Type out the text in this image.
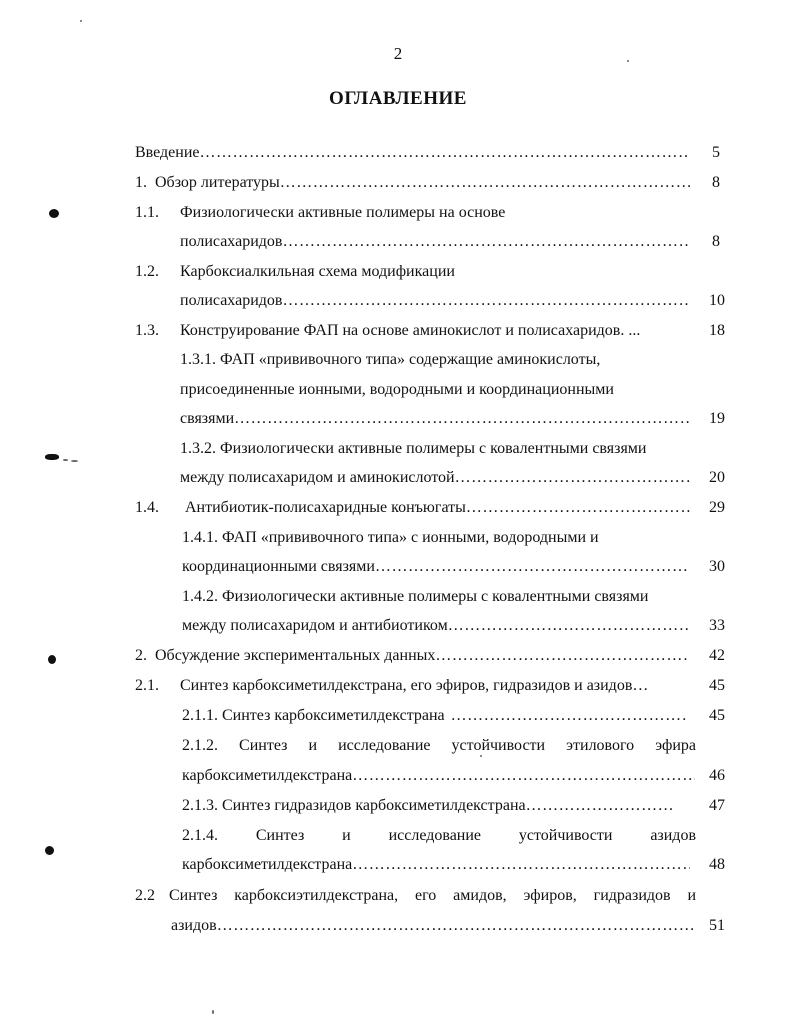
2
ОГЛАВЛЕНИЕ
Введение ………………………………………………………………………………………………………………………………………………………………………………	5
1. Обзор литературы ………………………………………………………………………………………………………………………………………………………………………………	8
1.1.	Физиологически активные полимеры на основе
полисахаридов ………………………………………………………………………………………………………………………………………………………………………………	8
1.2.	Карбоксиалкильная схема модификации
полисахаридов ………………………………………………………………………………………………………………………………………………………………………………	10
1.3.	Конструирование ФАП на основе аминокислот и полисахаридов. ...	18
1.3.1. ФАП «прививочного типа» содержащие аминокислоты,
присоединенные ионными, водородными и координационными
связями ………………………………………………………………………………………………………………………………………………………………………………	19
1.3.2. Физиологически активные полимеры с ковалентными связями
между полисахаридом и аминокислотой ………………………………………………………………………………………………………………………………………………………………………………	20
1.4.	Антибиотик-полисахаридные конъюгаты ………………………………………………………………………………………………………………………………………………………………………………	29
1.4.1. ФАП «прививочного типа» с ионными, водородными и
координационными связями ………………………………………………………………………………………………………………………………………………………………………………	30
1.4.2. Физиологически активные полимеры с ковалентными связями
между полисахаридом и антибиотиком ………………………………………………………………………………………………………………………………………………………………………………	33
2. Обсуждение экспериментальных данных ………………………………………………………………………………………………………………………………………………………………………………	42
2.1.	Синтез карбоксиметилдекстрана, его эфиров, гидразидов и азидов…	45
2.1.1. Синтез карбоксиметилдекстрана ………………………………………………………………………………………………………………………………………………………………………………	45
2.1.2. Синтез и исследование устойчивости этилового эфира
карбоксиметилдекстрана ………………………………………………………………………………………………………………………………………………………………………………	46
2.1.3. Синтез гидразидов карбоксиметилдекстрана ………………………………………………………………………………………………………………………………………………………………………………	47
2.1.4. Синтез и исследование устойчивости азидов
карбоксиметилдекстрана ………………………………………………………………………………………………………………………………………………………………………………	48
2.2 Синтез карбоксиэтилдекстрана, его амидов, эфиров, гидразидов и
азидов ………………………………………………………………………………………………………………………………………………………………………………	51
